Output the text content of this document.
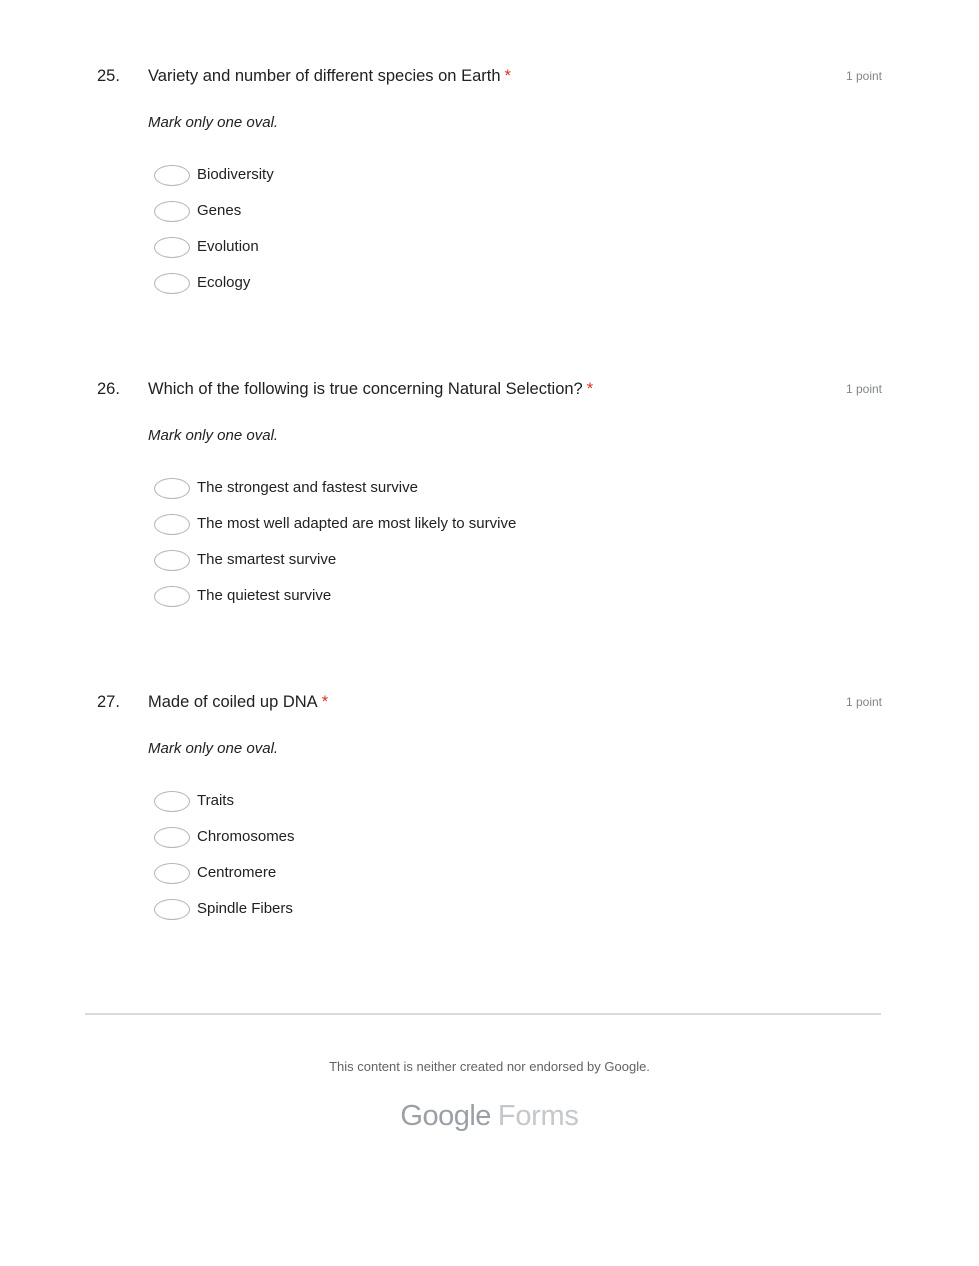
25.	Variety and number of different species on Earth *	1 point
Mark only one oval.
Biodiversity
Genes
Evolution
Ecology
26.	Which of the following is true concerning Natural Selection? *	1 point
Mark only one oval.
The strongest and fastest survive
The most well adapted are most likely to survive
The smartest survive
The quietest survive
27.	Made of coiled up DNA *	1 point
Mark only one oval.
Traits
Chromosomes
Centromere
Spindle Fibers
This content is neither created nor endorsed by Google.
Google Forms
